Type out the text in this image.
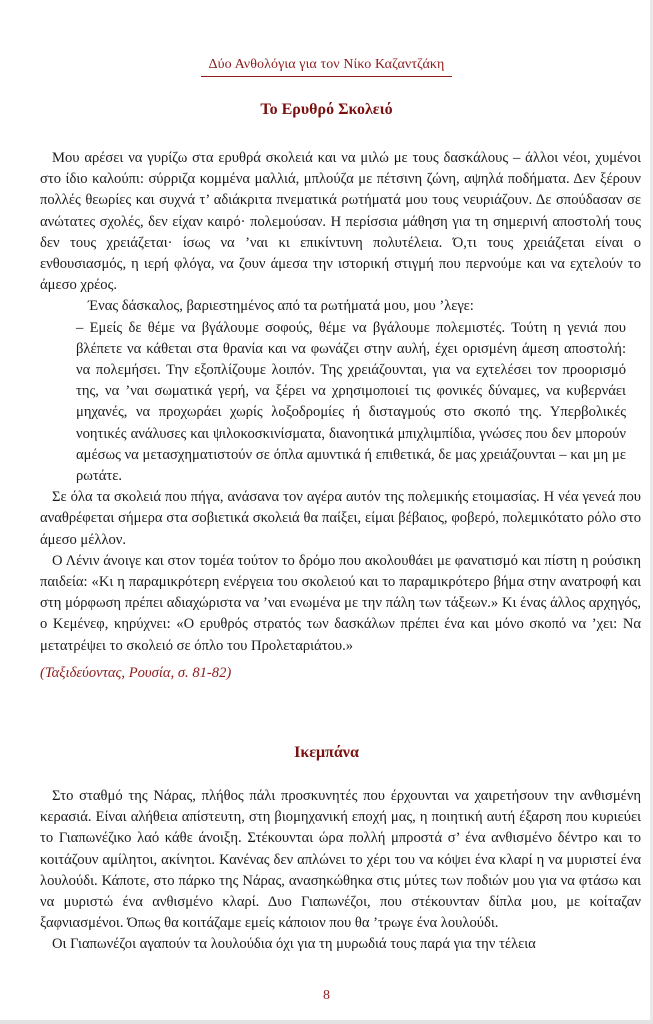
Δύο Ανθολόγια για τον Νίκο Καζαντζάκη
Το Ερυθρό Σκολειό

Μου αρέσει να γυρίζω στα ερυθρά σκολειά και να μιλώ με τους δασκάλους – άλλοι νέοι, χυμένοι στο ίδιο καλούπι: σύρριζα κομμένα μαλλιά, μπλούζα με πέτσινη ζώνη, αψηλά ποδήματα. Δεν ξέρουν πολλές θεωρίες και συχνά τ’ αδιάκριτα πνεματικά ρωτήματά μου τους νευριάζουν. Δε σπούδασαν σε ανώτατες σχολές, δεν είχαν καιρό· πολεμούσαν. Η περίσσια μάθηση για τη σημερινή αποστολή τους δεν τους χρειάζεται· ίσως να ’ναι κι επικίντυνη πολυτέλεια. Ό,τι τους χρειάζεται είναι ο ενθουσιασμός, η ιερή φλόγα, να ζουν άμεσα την ιστορική στιγμή που περνούμε και να εχτελούν το άμεσο χρέος.

Ένας δάσκαλος, βαριεστημένος από τα ρωτήματά μου, μου ’λεγε:

– Εμείς δε θέμε να βγάλουμε σοφούς, θέμε να βγάλουμε πολεμιστές. Τούτη η γενιά που βλέπετε να κάθεται στα θρανία και να φωνάζει στην αυλή, έχει ορισμένη άμεση αποστολή: να πολεμήσει. Την εξοπλίζουμε λοιπόν. Της χρειάζουνται, για να εχτελέσει τον προορισμό της, να ’ναι σωματικά γερή, να ξέρει να χρησιμοποιεί τις φονικές δύναμες, να κυβερνάει μηχανές, να προχωράει χωρίς λοξοδρομίες ή δισταγμούς στο σκοπό της. Υπερβολικές νοητικές ανάλυσες και ψιλοκοσκινίσματα, διανοητικά μπιχλιμπίδια, γνώσες που δεν μπορούν αμέσως να μετασχηματιστούν σε όπλα αμυντικά ή επιθετικά, δε μας χρειάζουνται – και μη με ρωτάτε.

Σε όλα τα σκολειά που πήγα, ανάσανα τον αγέρα αυτόν της πολεμικής ετοιμασίας. Η νέα γενεά που αναθρέφεται σήμερα στα σοβιετικά σκολειά θα παίξει, είμαι βέβαιος, φοβερό, πολεμικότατο ρόλο στο άμεσο μέλλον.

Ο Λένιν άνοιγε και στον τομέα τούτον το δρόμο που ακολουθάει με φανατισμό και πίστη η ρούσικη παιδεία: «Κι η παραμικρότερη ενέργεια του σκολειού και το παραμικρότερο βήμα στην ανατροφή και στη μόρφωση πρέπει αδιαχώριστα να ’ναι ενωμένα με την πάλη των τάξεων.» Κι ένας άλλος αρχηγός, ο Κεμένεφ, κηρύχνει: «Ο ερυθρός στρατός των δασκάλων πρέπει ένα και μόνο σκοπό να ’χει: Να μετατρέψει το σκολειό σε όπλο του Προλεταριάτου.»

(Ταξιδεύοντας, Ρουσία, σ. 81-82)

Ικεμπάνα

Στο σταθμό της Νάρας, πλήθος πάλι προσκυνητές που έρχουνται να χαιρετήσουν την ανθισμένη κερασιά. Είναι αλήθεια απίστευτη, στη βιομηχανική εποχή μας, η ποιητική αυτή έξαρση που κυριεύει το Γιαπωνέζικο λαό κάθε άνοιξη. Στέκουνται ώρα πολλή μπροστά σ’ ένα ανθισμένο δέντρο και το κοιτάζουν αμίλητοι, ακίνητοι. Κανένας δεν απλώνει το χέρι του να κόψει ένα κλαρί η να μυριστεί ένα λουλούδι. Κάποτε, στο πάρκο της Νάρας, ανασηκώθηκα στις μύτες των ποδιών μου για να φτάσω και να μυριστώ ένα ανθισμένο κλαρί. Δυο Γιαπωνέζοι, που στέκουνταν δίπλα μου, με κοίταζαν ξαφνιασμένοι. Όπως θα κοιτάζαμε εμείς κάποιον που θα ’τρωγε ένα λουλούδι.

Οι Γιαπωνέζοι αγαπούν τα λουλούδια όχι για τη μυρωδιά τους παρά για την τέλεια

8
